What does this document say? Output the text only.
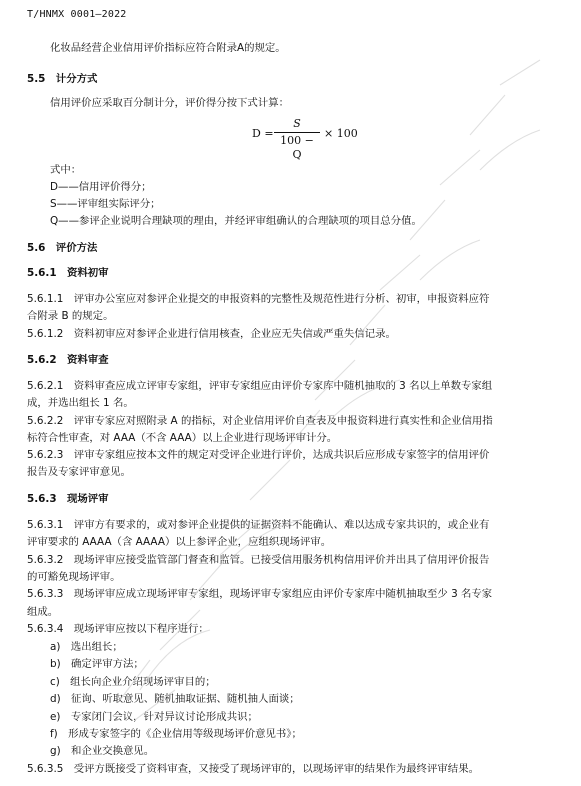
T/HNMX 0001—2022
化妆品经营企业信用评价指标应符合附录A的规定。
5.5　计分方式
信用评价应采取百分制计分，评价得分按下式计算：
D =
S
100 − Q
× 100
式中：
D——信用评价得分；
S——评审组实际评分；
Q——参评企业说明合理缺项的理由，并经评审组确认的合理缺项的项目总分值。
5.6　评价方法
5.6.1　资料初审
5.6.1.1　评审办公室应对参评企业提交的申报资料的完整性及规范性进行分析、初审，申报资料应符
合附录 B 的规定。
5.6.1.2　资料初审应对参评企业进行信用核查，企业应无失信或严重失信记录。
5.6.2　资料审查
5.6.2.1　资料审查应成立评审专家组，评审专家组应由评价专家库中随机抽取的 3 名以上单数专家组
成，并选出组长 1 名。
5.6.2.2　评审专家应对照附录 A 的指标，对企业信用评价自查表及申报资料进行真实性和企业信用指
标符合性审查，对 AAA（不含 AAA）以上企业进行现场评审计分。
5.6.2.3　评审专家组应按本文件的规定对受评企业进行评价，达成共识后应形成专家签字的信用评价
报告及专家评审意见。
5.6.3　现场评审
5.6.3.1　评审方有要求的，或对参评企业提供的证据资料不能确认、难以达成专家共识的，或企业有
评审要求的 AAAA（含 AAAA）以上参评企业，应组织现场评审。
5.6.3.2　现场评审应接受监管部门督查和监管。已接受信用服务机构信用评价并出具了信用评价报告
的可豁免现场评审。
5.6.3.3　现场评审应成立现场评审专家组，现场评审专家组应由评价专家库中随机抽取至少 3 名专家
组成。
5.6.3.4　现场评审应按以下程序进行：
a)　选出组长；
b)　确定评审方法；
c)　组长向企业介绍现场评审目的；
d)　征询、听取意见、随机抽取证据、随机抽人面谈；
e)　专家闭门会议，针对异议讨论形成共识；
f)　形成专家签字的《企业信用等级现场评价意见书》；
g)　和企业交换意见。
5.6.3.5　受评方既接受了资料审查，又接受了现场评审的，以现场评审的结果作为最终评审结果。
